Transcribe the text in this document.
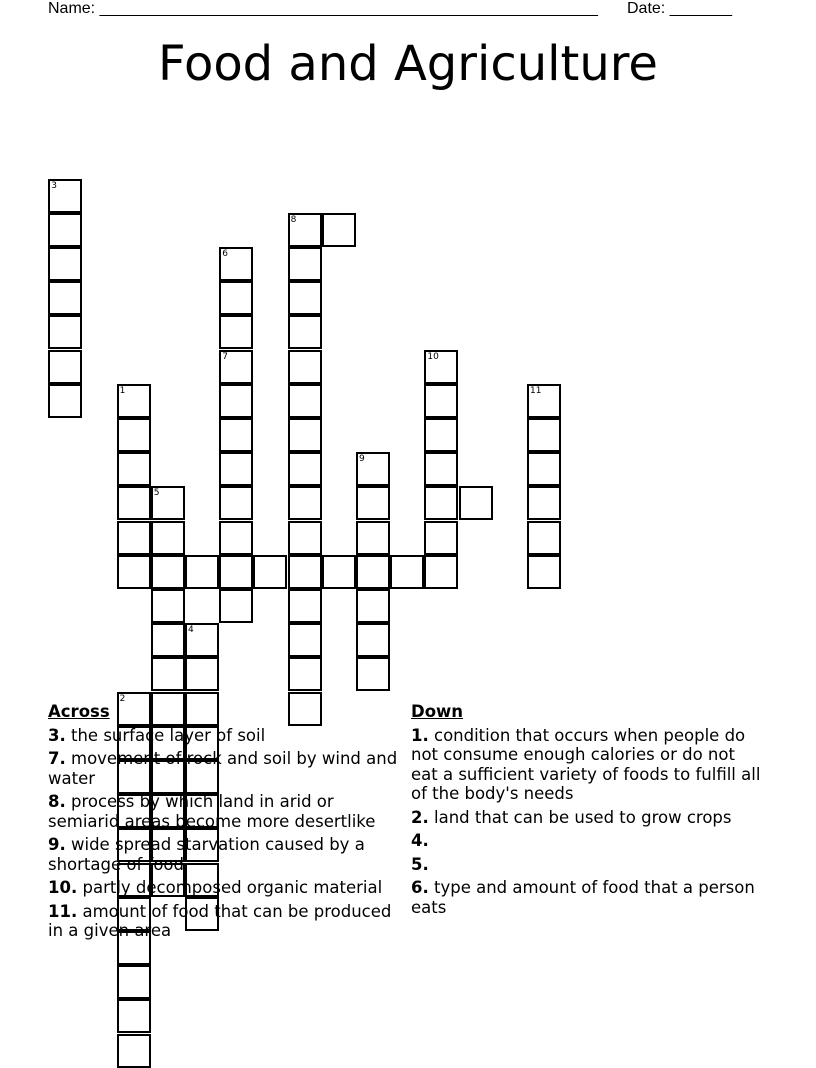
Name: ________________________________________________________ Date: _______
Food and Agriculture
1
3
2
4
5
6
7
8
9
10
11
Across
3. the surface layer of soil
7. movement of rock and soil by wind and water
8. process by which land in arid or semiarid areas become more desertlike
9. wide spread starvation caused by a shortage of food
10. partly decomposed organic material
11. amount of food that can be produced in a given area
Down
1. condition that occurs when people do not consume enough calories or do not eat a sufficient variety of foods to fulfill all of the body's needs
2. land that can be used to grow crops
4.
5.
6. type and amount of food that a person eats
